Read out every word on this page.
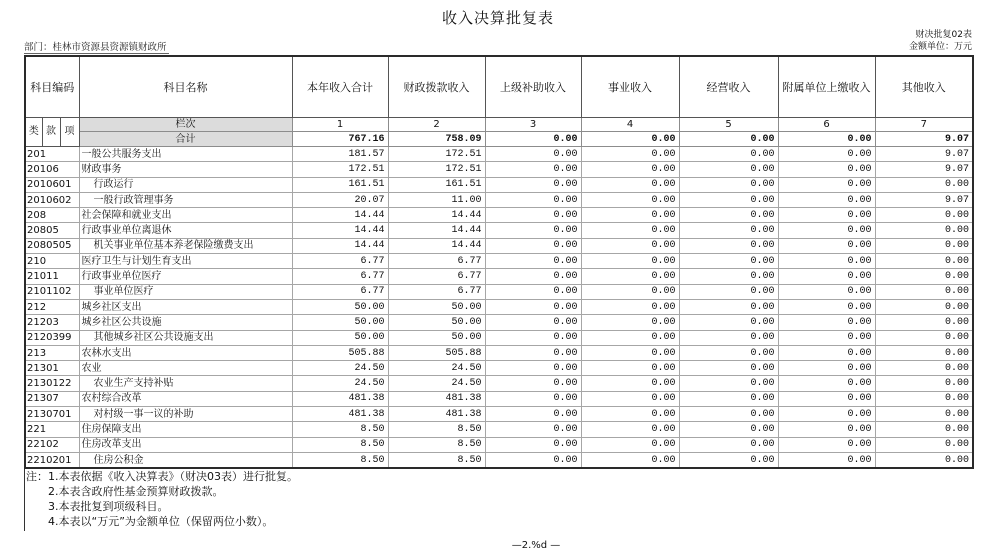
收入决算批复表
财决批复02表
金额单位：万元
部门：桂林市资源县资源镇财政所
科目编码			科目名称	本年收入合计	财政拨款收入	上级补助收入	事业收入	经营收入	附属单位上缴收入	其他收入
类	款	项	栏次	1	2	3	4	5	6	7
			合计	767.16	758.09	0.00	0.00	0.00	0.00	9.07
201			一般公共服务支出	181.57	172.51	0.00	0.00	0.00	0.00	9.07
20106			财政事务	172.51	172.51	0.00	0.00	0.00	0.00	9.07
2010601			行政运行	161.51	161.51	0.00	0.00	0.00	0.00	0.00
2010602			一般行政管理事务	20.07	11.00	0.00	0.00	0.00	0.00	9.07
208			社会保障和就业支出	14.44	14.44	0.00	0.00	0.00	0.00	0.00
20805			行政事业单位离退休	14.44	14.44	0.00	0.00	0.00	0.00	0.00
2080505			机关事业单位基本养老保险缴费支出	14.44	14.44	0.00	0.00	0.00	0.00	0.00
210			医疗卫生与计划生育支出	6.77	6.77	0.00	0.00	0.00	0.00	0.00
21011			行政事业单位医疗	6.77	6.77	0.00	0.00	0.00	0.00	0.00
2101102			事业单位医疗	6.77	6.77	0.00	0.00	0.00	0.00	0.00
212			城乡社区支出	50.00	50.00	0.00	0.00	0.00	0.00	0.00
21203			城乡社区公共设施	50.00	50.00	0.00	0.00	0.00	0.00	0.00
2120399			其他城乡社区公共设施支出	50.00	50.00	0.00	0.00	0.00	0.00	0.00
213			农林水支出	505.88	505.88	0.00	0.00	0.00	0.00	0.00
21301			农业	24.50	24.50	0.00	0.00	0.00	0.00	0.00
2130122			农业生产支持补贴	24.50	24.50	0.00	0.00	0.00	0.00	0.00
21307			农村综合改革	481.38	481.38	0.00	0.00	0.00	0.00	0.00
2130701			对村级一事一议的补助	481.38	481.38	0.00	0.00	0.00	0.00	0.00
221			住房保障支出	8.50	8.50	0.00	0.00	0.00	0.00	0.00
22102			住房改革支出	8.50	8.50	0.00	0.00	0.00	0.00	0.00
2210201			住房公积金	8.50	8.50	0.00	0.00	0.00	0.00	0.00
注： 1.本表依据《收入决算表》（财决03表）进行批复。
2.本表含政府性基金预算财政拨款。
3.本表批复到项级科目。
4.本表以“万元”为金额单位（保留两位小数）。
—2.%d —
